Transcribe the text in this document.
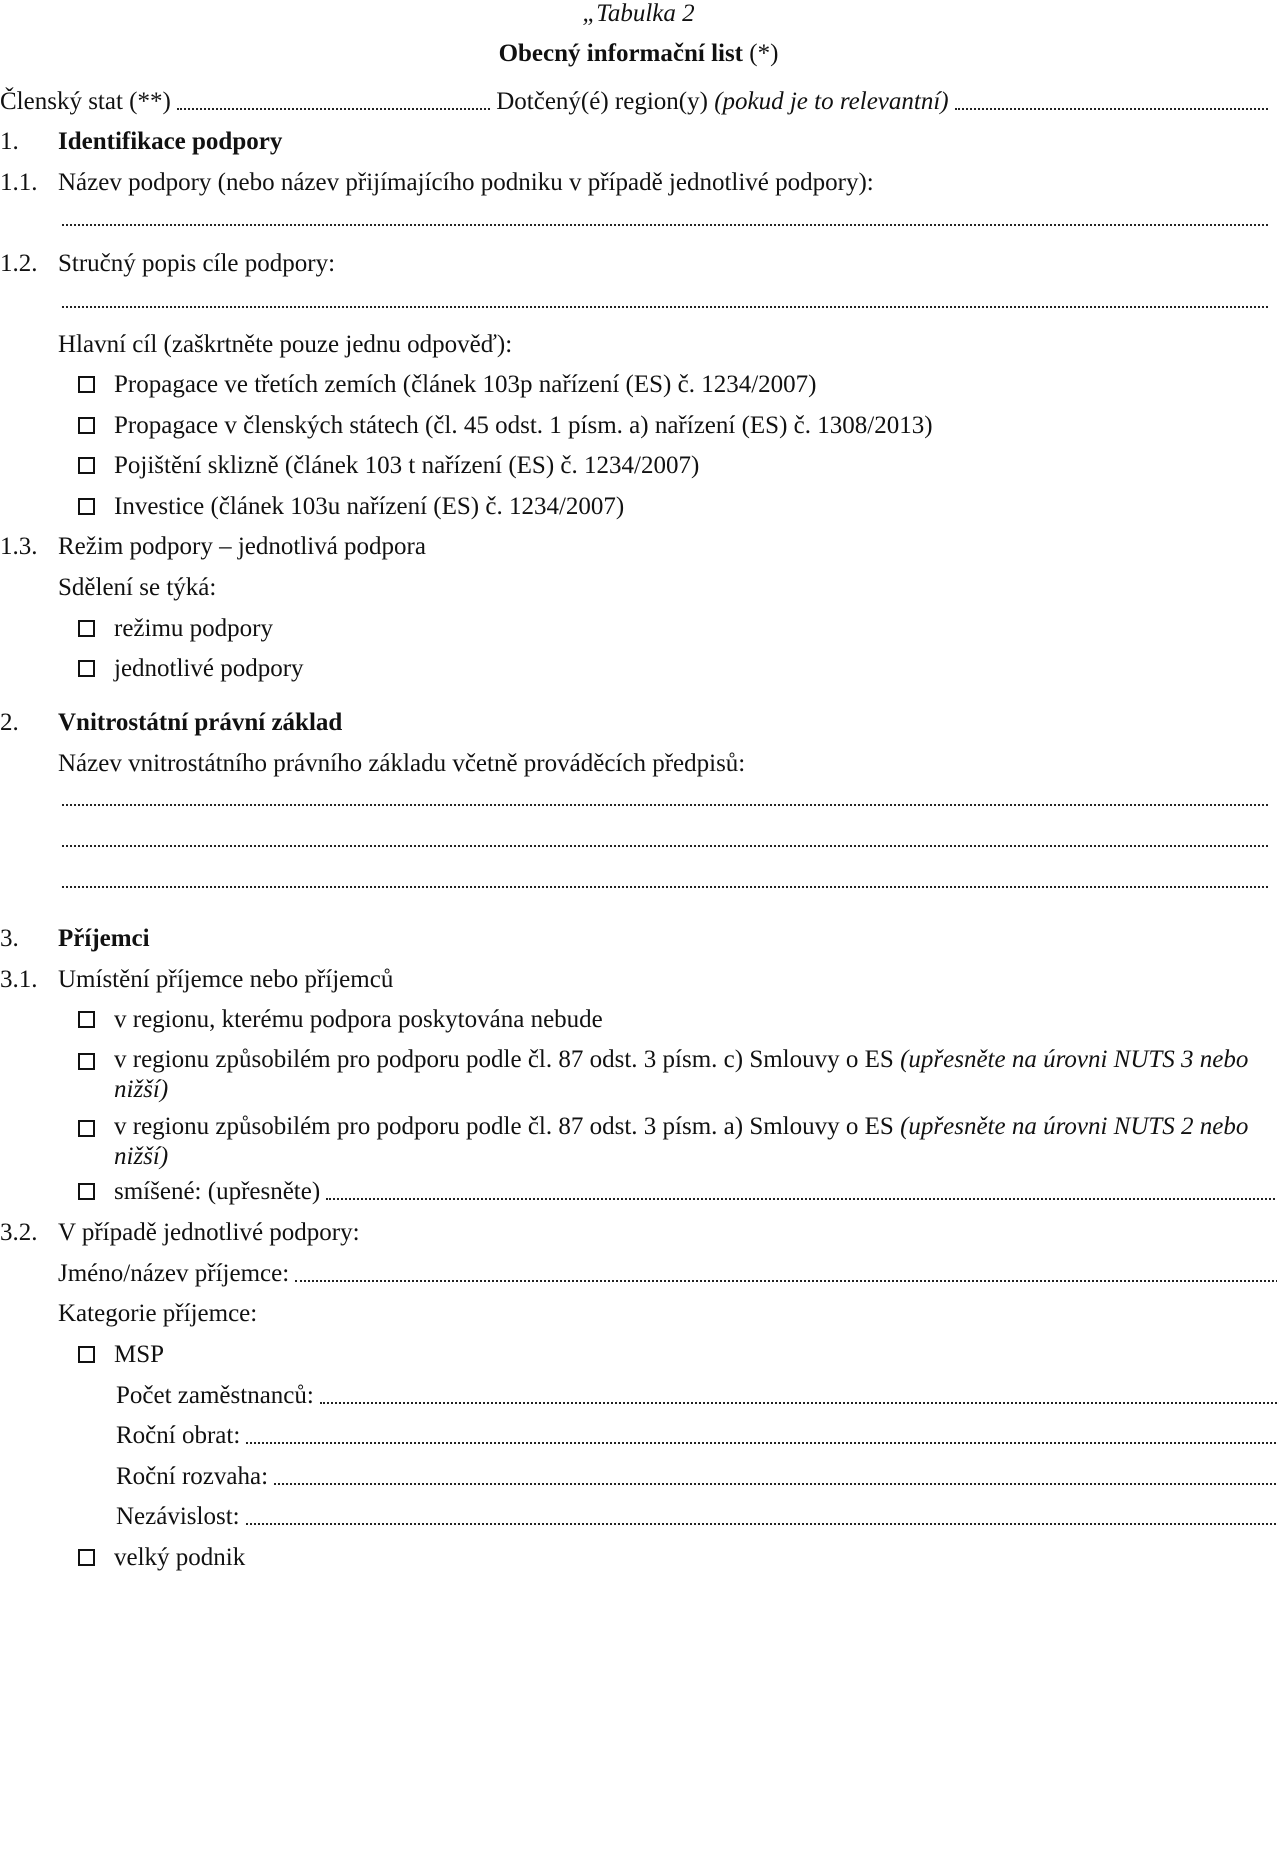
„Tabulka 2
Obecný informační list
(*)
Členský stat (**)	Dotčený(é) region(y)
(pokud je to relevantní)
1.	Identifikace podpory
1.1. Název podpory (nebo název přijímajícího podniku v případě jednotlivé podpory):
1.2. Stručný popis cíle podpory:
Hlavní cíl (zaškrtněte pouze jednu odpověď):
Propagace ve třetích zemích (článek 103p nařízení (ES) č. 1234/2007)
Propagace v členských státech (čl. 45 odst. 1 písm. a) nařízení (ES) č. 1308/2013)
Pojištění sklizně (článek 103 t nařízení (ES) č. 1234/2007)
Investice (článek 103u nařízení (ES) č. 1234/2007)
1.3. Režim podpory – jednotlivá podpora
Sdělení se týká:
režimu podpory
jednotlivé podpory
2.	Vnitrostátní právní základ
Název vnitrostátního právního základu včetně prováděcích předpisů:
3.	Příjemci
3.1. Umístění příjemce nebo příjemců
v regionu, kterému podpora poskytována nebude
v regionu způsobilém pro podporu podle čl. 87 odst. 3 písm. c) Smlouvy o ES (upřesněte na úrovni NUTS 3 nebo
nižší)
v regionu způsobilém pro podporu podle čl. 87 odst. 3 písm. a) Smlouvy o ES (upřesněte na úrovni NUTS 2 nebo
nižší)
smíšené: (upřesněte)
3.2. V případě jednotlivé podpory:
Jméno/název příjemce:
Kategorie příjemce:
MSP
Počet zaměstnanců:
Roční obrat:
Roční rozvaha:
Nezávislost:
velký podnik
